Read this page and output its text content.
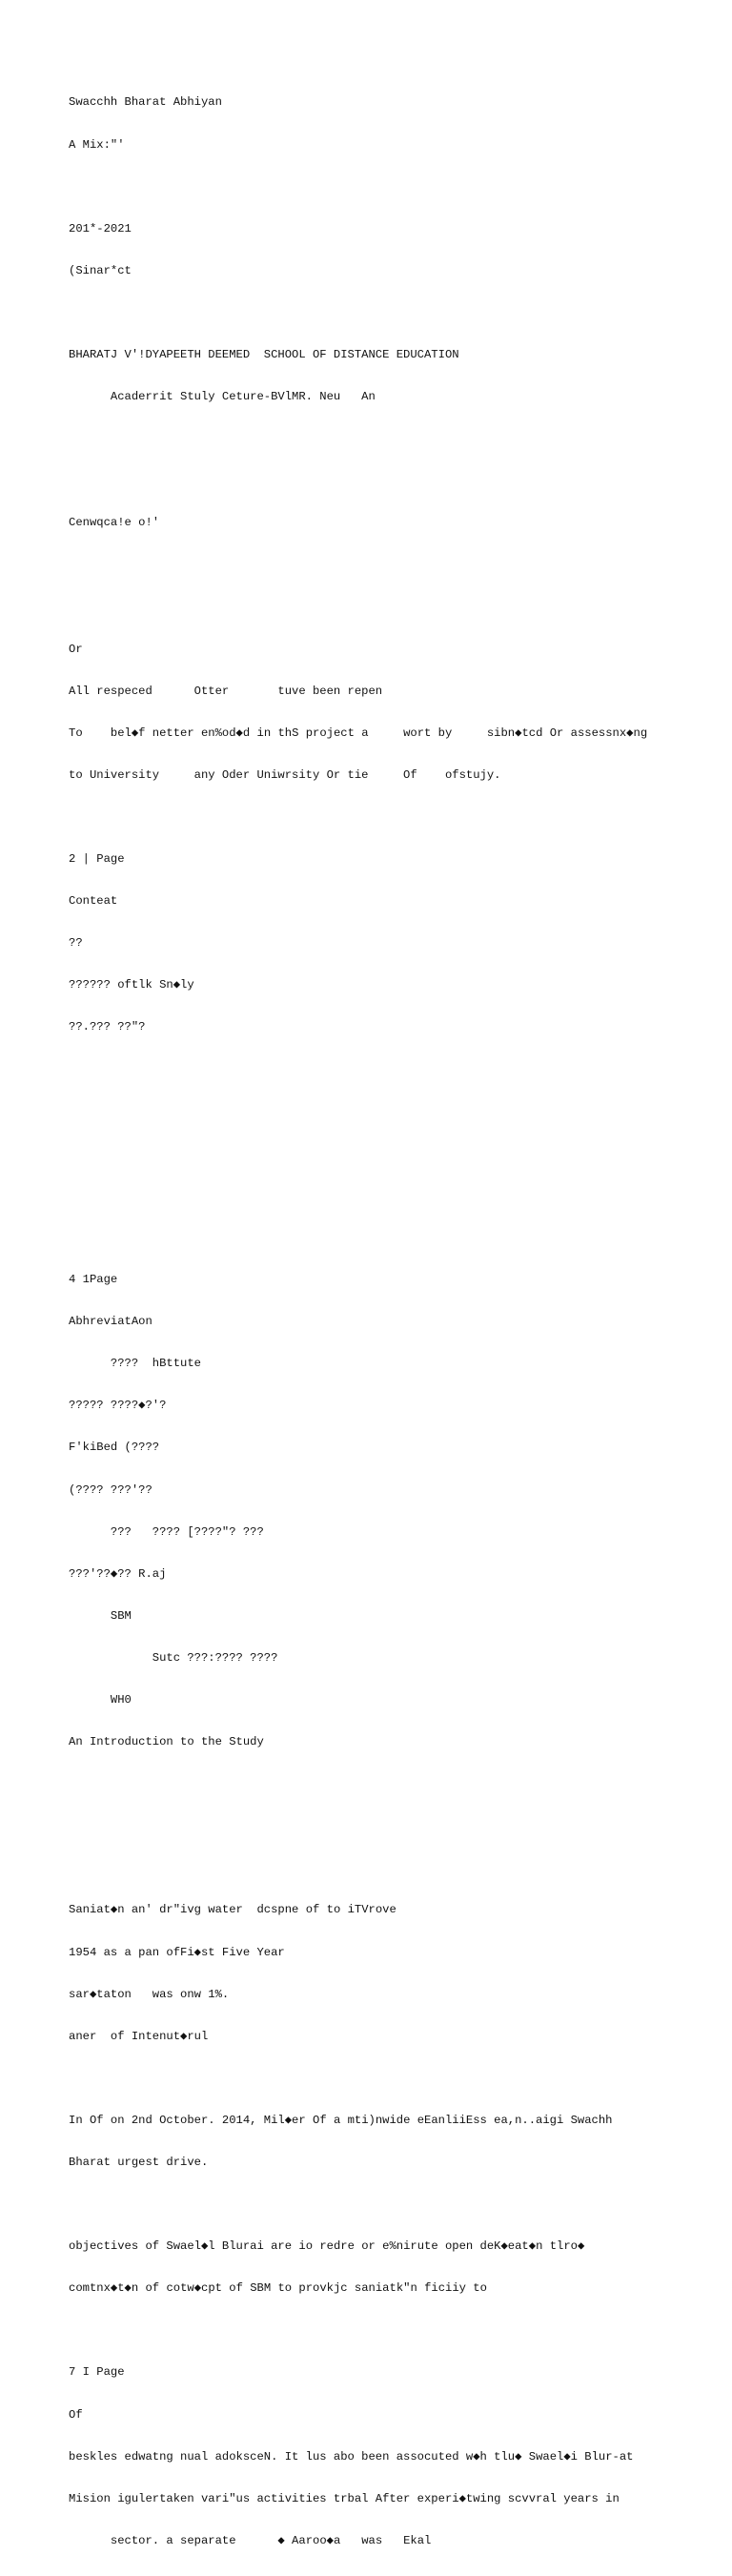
Swacchh Bharat Abhiyan

A Mix:"'

201*-2021

(Sinar*ct

BHARATJ V'!DYAPEETH DEEMED  SCHOOL OF DISTANCE EDUCATION

Acaderrit Stuly Ceture-BVlMR. Neu   An

Cenwqca!e o!'

Or

All respeced      Otter       tuve been repen

To    bel◆f netter en%od◆d in thS project a     wort by     sibn◆tcd Or assessnx◆ng

to University     any Oder Uniwrsity Or tie     Of    ofstujy.

2 | Page

Conteat

??

?????? oftlk Sn◆ly

??.??? ??"?

4 1Page

AbhreviatAon

????  hBttute

????? ????◆?'?

F'kiBed (????

(???? ???'??

???   ???? [????"? ???

???'??◆?? R.aj

SBM

Sutc ???:???? ????

WH0

An Introduction to the Study

Saniat◆n an' dr"ivg water  dcspne of to iTVrove

1954 as a pan ofFi◆st Five Year

sar◆taton   was onw 1%.

aner  of Intenut◆rul

In Of on 2nd October. 2014, Mil◆er Of a mti)nwide eEanliiEss ea,n..aigi Swachh

Bharat urgest drive.

objectives of Swael◆l Blurai are io redre or e%nirute open deK◆eat◆n tlro◆

comtnx◆t◆n of cotw◆cpt of SBM to provkjc saniatk"n ficiiy to

7 I Page

Of

beskles edwatng nual adoksceN. It lus abo been assocuted w◆h tlu◆ Swael◆i Blur-at

Mision igulertaken vari"us activities trbal After experi◆twing scvvral years in

sector. a separate      ◆ Aaroo◆a   was   Ekal
